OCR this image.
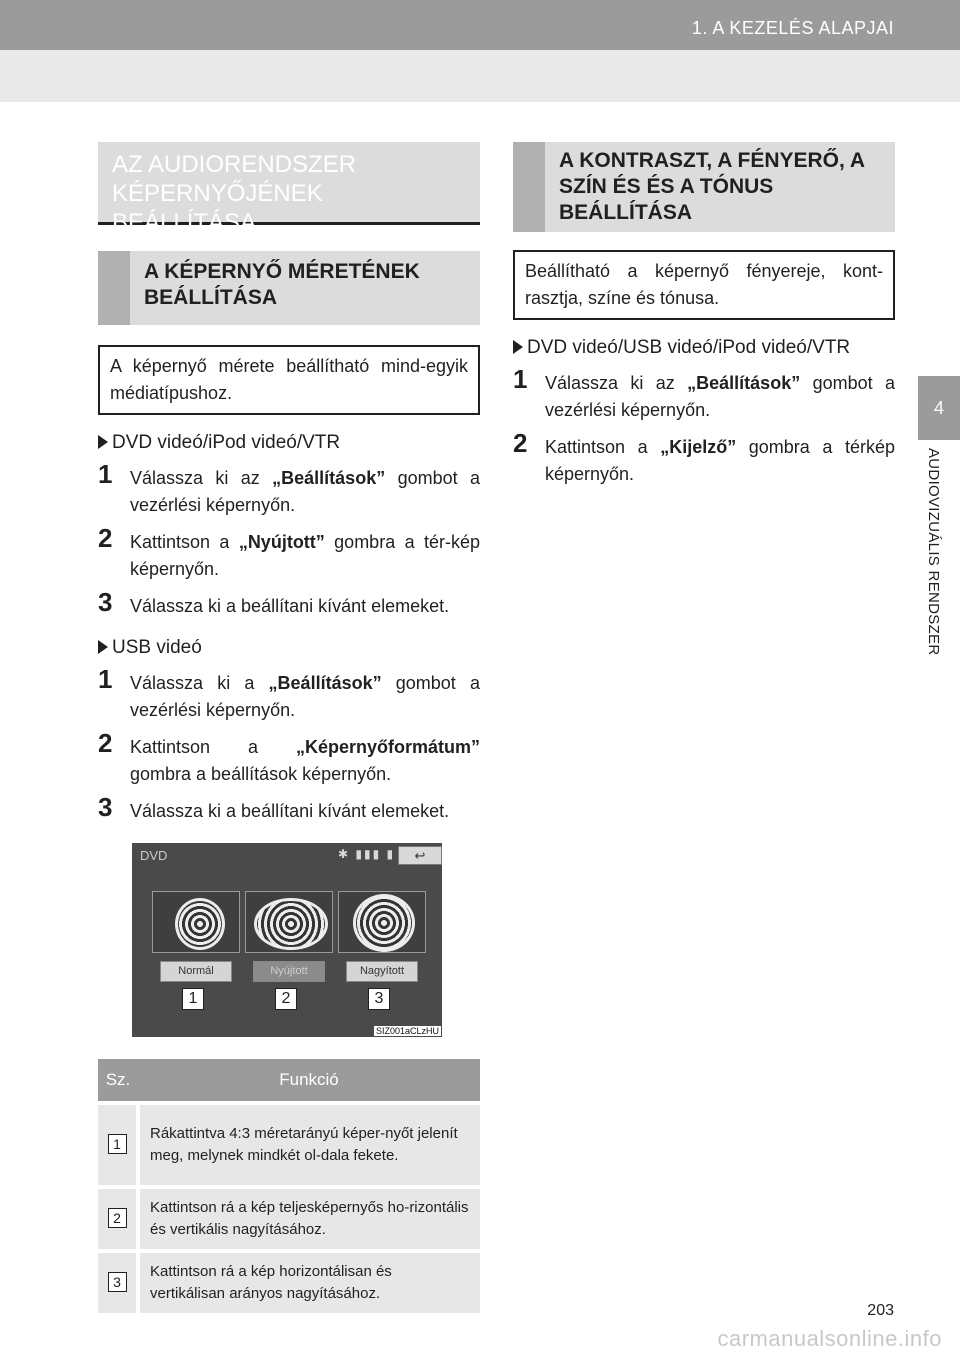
1. A KEZELÉS ALAPJAI
4
AUDIOVIZUÁLIS RENDSZER
AZ AUDIORENDSZER KÉPERNYŐJÉNEK BEÁLLÍTÁSA
A KÉPERNYŐ MÉRETÉNEK BEÁLLÍTÁSA
A képernyő mérete beállítható mind-egyik médiatípushoz.
DVD videó/iPod videó/VTR
1 Válassza ki az „Beállítások” gombot a vezérlési képernyőn.
2 Kattintson a „Nyújtott” gombra a tér-kép képernyőn.
3 Válassza ki a beállítani kívánt elemeket.
USB videó
1 Válassza ki a „Beállítások” gombot a vezérlési képernyőn.
2 Kattintson a „Képernyőformátum” gombra a beállítások képernyőn.
3 Válassza ki a beállítani kívánt elemeket.
DVD	✱ ▮▮▮ ▮	↩
Normál	Nyújtott	Nagyított
1	2	3
SIZ001aCLzHU
Sz.	Funkció
1	Rákattintva 4:3 méretarányú képer-nyőt jelenít meg, melynek mindkét ol-dala fekete.
2	Kattintson rá a kép teljesképernyős ho-rizontális és vertikális nagyításához.
3	Kattintson rá a kép horizontálisan és vertikálisan arányos nagyításához.
A KONTRASZT, A FÉNYERŐ, A SZÍN ÉS ÉS A TÓNUS BEÁLLÍTÁSA
Beállítható a képernyő fényereje, kont-rasztja, színe és tónusa.
DVD videó/USB videó/iPod videó/VTR
1 Válassza ki az „Beállítások” gombot a vezérlési képernyőn.
2 Kattintson a „Kijelző” gombra a térkép képernyőn.
203
carmanualsonline.info
